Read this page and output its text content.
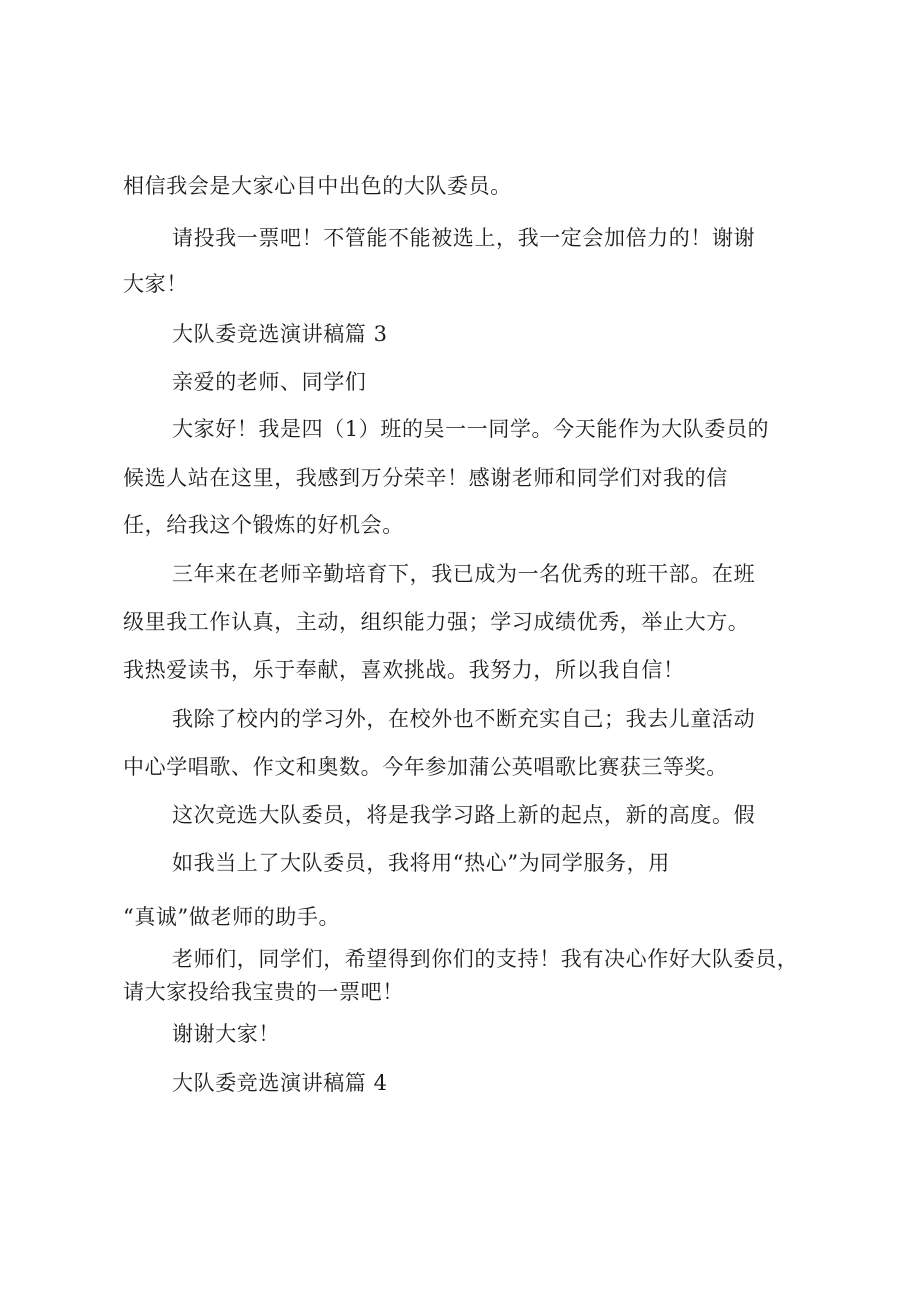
相信我会是大家心目中出色的大队委员。
请投我一票吧！不管能不能被选上，我一定会加倍力的！谢谢
大家！
大队委竞选演讲稿篇 3
亲爱的老师、同学们
大家好！我是四（1）班的吴一一同学。今天能作为大队委员的
候选人站在这里，我感到万分荣辛！感谢老师和同学们对我的信
任，给我这个锻炼的好机会。
三年来在老师辛勤培育下，我已成为一名优秀的班干部。在班
级里我工作认真，主动，组织能力强；学习成绩优秀，举止大方。
我热爱读书，乐于奉献，喜欢挑战。我努力，所以我自信！
我除了校内的学习外，在校外也不断充实自己；我去儿童活动
中心学唱歌、作文和奥数。今年参加蒲公英唱歌比赛获三等奖。
这次竞选大队委员，将是我学习路上新的起点，新的高度。假
如我当上了大队委员，我将用“热心”为同学服务，用
“真诚”做老师的助手。
老师们，同学们，希望得到你们的支持！我有决心作好大队委员，
请大家投给我宝贵的一票吧！
谢谢大家！
大队委竞选演讲稿篇 4
